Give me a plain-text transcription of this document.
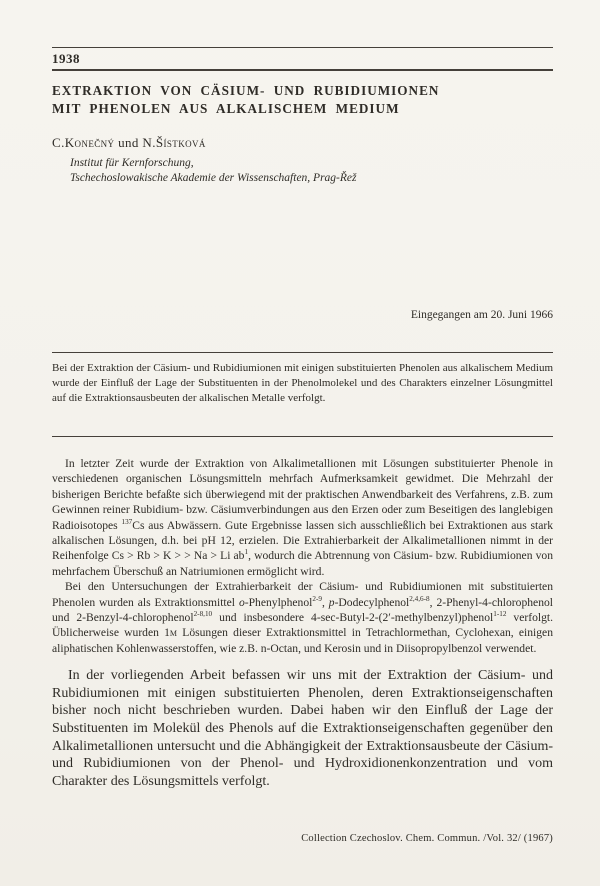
1938
EXTRAKTION VON CÄSIUM- UND RUBIDIUMIONEN
MIT PHENOLEN AUS ALKALISCHEM MEDIUM
C.Konečný und N.Šístková
Institut für Kernforschung,
Tschechoslowakische Akademie der Wissenschaften, Prag-Řež
Eingegangen am 20. Juni 1966
Bei der Extraktion der Cäsium- und Rubidiumionen mit einigen substituierten Phenolen aus alkalischem Medium wurde der Einfluß der Lage der Substituenten in der Phenolmolekel und des Charakters einzelner Lösungmittel auf die Extraktionsausbeuten der alkalischen Metalle verfolgt.

In letzter Zeit wurde der Extraktion von Alkalimetallionen mit Lösungen substituierter Phenole in verschiedenen organischen Lösungsmitteln mehrfach Aufmerksamkeit gewidmet. Die Mehrzahl der bisherigen Berichte befaßte sich überwiegend mit der praktischen Anwendbarkeit des Verfahrens, z.B. zum Gewinnen reiner Rubidium- bzw. Cäsiumverbindungen aus den Erzen oder zum Beseitigen des langlebigen Radioisotopes $^{137}$Cs aus Abwässern. Gute Ergebnisse lassen sich ausschließlich bei Extraktionen aus stark alkalischen Lösungen, d.h. bei pH 12, erzielen. Die Extrahierbarkeit der Alkalimetallionen nimmt in der Reihenfolge Cs > Rb > K > > Na > Li $ab^1$, wodurch die Abtrennung von Cäsium- bzw. Rubidiumionen von mehrfachem Überschuß an Natriumionen ermöglicht wird.

Bei den Untersuchungen der Extrahierbarkeit der Cäsium- und Rubidiumionen mit substituierten Phenolen wurden als Extraktionsmittel o-Phenylphenol$^{2-9}$, p-Dodecylphenol$^{2,4,6-8}$, 2-Phenyl-4-chlorophenol und 2-Benzyl-4-chlorophenol$^{2-8,10}$ und insbesondere 4-sec-Butyl-2-(2′-methylbenzyl)phenol$^{1-12}$ verfolgt. Üblicherweise wurden 1m Lösungen dieser Extraktionsmittel in Tetrachlormethan, Cyclohexan, einigen aliphatischen Kohlenwasserstoffen, wie z.B. n-Octan, und Kerosin und in Diisopropylbenzol verwendet.

In der vorliegenden Arbeit befassen wir uns mit der Extraktion der Cäsium- und Rubidiumionen mit einigen substituierten Phenolen, deren Extraktionseigenschaften bisher noch nicht beschrieben wurden. Dabei haben wir den Einfluß der Lage der Substituenten im Molekül des Phenols auf die Extraktionseigenschaften gegenüber den Alkalimetallionen untersucht und die Abhängigkeit der Extraktionsausbeute der Cäsium- und Rubidiumionen von der Phenol- und Hydroxidionenkonzentration und vom Charakter des Lösungsmittels verfolgt.

Collection Czechoslov. Chem. Commun. /Vol. 32/ (1967)
